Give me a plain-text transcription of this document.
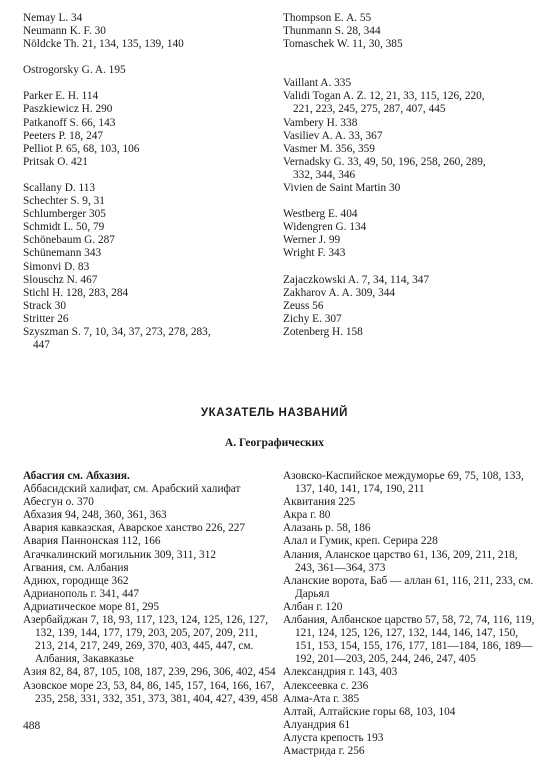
Nemay L. 34
Neumann K. F. 30
Nöldcke Th. 21, 134, 135, 139, 140
Ostrogorsky G. A. 195
Parker E. H. 114
Paszkiewicz H. 290
Patkanoff S. 66, 143
Peeters P. 18, 247
Pelliot P. 65, 68, 103, 106
Pritsak O. 421
Scallany D. 113
Schechter S. 9, 31
Schlumberger 305
Schmidt L. 50, 79
Schönebaum G. 287
Schünemann 343
Simonvi D. 83
Slouschz N. 467
Stichl H. 128, 283, 284
Strack 30
Stritter 26
Szyszman S. 7, 10, 34, 37, 273, 278, 283,
447
Thompson E. A. 55
Thunmann S. 28, 344
Tomaschek W. 11, 30, 385
Vaillant A. 335
Validi Togan A. Z. 12, 21, 33, 115, 126, 220,
221, 223, 245, 275, 287, 407, 445
Vambery H. 338
Vasiliev A. A. 33, 367
Vasmer M. 356, 359
Vernadsky G. 33, 49, 50, 196, 258, 260, 289,
332, 344, 346
Vivien de Saint Martin 30
Westberg E. 404
Widengren G. 134
Werner J. 99
Wright F. 343
Zajaczkowski A. 7, 34, 114, 347
Zakharov A. A. 309, 344
Zeuss 56
Zichy E. 307
Zotenberg H. 158
УКАЗАТЕЛЬ НАЗВАНИЙ
А. Географических
Абасгия см. Абхазия.
Аббасидский халифат, см. Арабский халифат
Абесгун о. 370
Абхазия 94, 248, 360, 361, 363
Авария кавказская, Аварское ханство 226, 227
Авария Паннонская 112, 166
Агачкалинский могильник 309, 311, 312
Агвания, см. Албания
Адиюх, городище 362
Адрианополь г. 341, 447
Адриатическое море 81, 295
Азербайджан 7, 18, 93, 117, 123, 124, 125, 126, 127, 132, 139, 144, 177, 179, 203, 205, 207, 209, 211, 213, 214, 217, 249, 269, 370, 403, 445, 447, см. Албания, Закавказье
Азия 82, 84, 87, 105, 108, 187, 239, 296, 306, 402, 454
Азовское море 23, 53, 84, 86, 145, 157, 164, 166, 167, 235, 258, 331, 332, 351, 373, 381, 404, 427, 439, 458
Азовско-Каспийское междуморье 69, 75, 108, 133, 137, 140, 141, 174, 190, 211
Аквитания 225
Акра г. 80
Алазань р. 58, 186
Алал и Гумик, креп. Серира 228
Алания, Аланское царство 61, 136, 209, 211, 218, 243, 361—364, 373
Аланские ворота, Баб — аллан 61, 116, 211, 233, см. Дарьял
Албан г. 120
Албания, Албанское царство 57, 58, 72, 74, 116, 119, 121, 124, 125, 126, 127, 132, 144, 146, 147, 150, 151, 153, 154, 155, 176, 177, 181—184, 186, 189—192, 201—203, 205, 244, 246, 247, 405
Александрия г. 143, 403
Алексеевка с. 236
Алма-Ата г. 385
Алтай, Алтайские горы 68, 103, 104
Алуандрия 61
Алуста крепость 193
Амастрида г. 256
488
